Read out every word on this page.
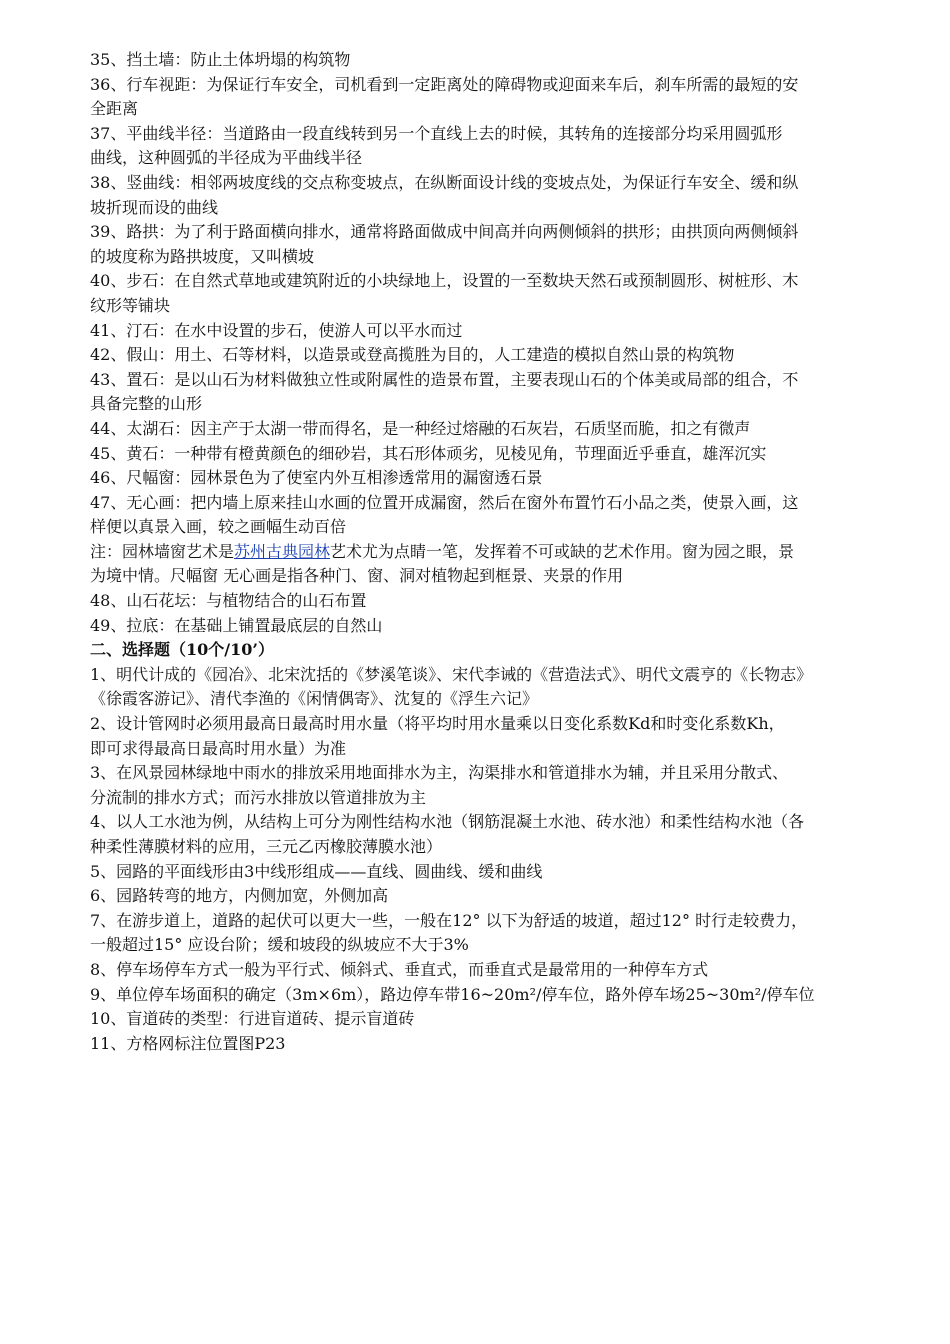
35、挡土墙：防止土体坍塌的构筑物

36、行车视距：为保证行车安全，司机看到一定距离处的障碍物或迎面来车后，刹车所需的最短的安
全距离

37、平曲线半径：当道路由一段直线转到另一个直线上去的时候，其转角的连接部分均采用圆弧形
曲线，这种圆弧的半径成为平曲线半径

38、竖曲线：相邻两坡度线的交点称变坡点，在纵断面设计线的变坡点处，为保证行车安全、缓和纵
坡折现而设的曲线

39、路拱：为了利于路面横向排水，通常将路面做成中间高并向两侧倾斜的拱形；由拱顶向两侧倾斜
的坡度称为路拱坡度，又叫横坡

40、步石：在自然式草地或建筑附近的小块绿地上，设置的一至数块天然石或预制圆形、树桩形、木
纹形等铺块

41、汀石：在水中设置的步石，使游人可以平水而过

42、假山：用土、石等材料，以造景或登高揽胜为目的，人工建造的模拟自然山景的构筑物

43、置石：是以山石为材料做独立性或附属性的造景布置，主要表现山石的个体美或局部的组合，不
具备完整的山形

44、太湖石：因主产于太湖一带而得名，是一种经过熔融的石灰岩，石质坚而脆，扣之有微声

45、黄石：一种带有橙黄颜色的细砂岩，其石形体顽劣，见棱见角，节理面近乎垂直，雄浑沉实

46、尺幅窗：园林景色为了使室内外互相渗透常用的漏窗透石景

47、无心画：把内墙上原来挂山水画的位置开成漏窗，然后在窗外布置竹石小品之类，使景入画，这
样便以真景入画，较之画幅生动百倍

注：园林墙窗艺术是苏州古典园林艺术尤为点睛一笔，发挥着不可或缺的艺术作用。窗为园之眼，景
为境中情。尺幅窗 无心画是指各种门、窗、洞对植物起到框景、夹景的作用

48、山石花坛：与植物结合的山石布置

49、拉底：在基础上铺置最底层的自然山

二、选择题（10个/10’）

1、明代计成的《园冶》、北宋沈括的《梦溪笔谈》、宋代李诫的《营造法式》、明代文震亨的《长物志》
《徐霞客游记》、清代李渔的《闲情偶寄》、沈复的《浮生六记》

2、设计管网时必须用最高日最高时用水量（将平均时用水量乘以日变化系数Kd和时变化系数Kh，
即可求得最高日最高时用水量）为准

3、在风景园林绿地中雨水的排放采用地面排水为主，沟渠排水和管道排水为辅，并且采用分散式、
分流制的排水方式；而污水排放以管道排放为主

4、以人工水池为例，从结构上可分为刚性结构水池（钢筋混凝土水池、砖水池）和柔性结构水池（各
种柔性薄膜材料的应用，三元乙丙橡胶薄膜水池）

5、园路的平面线形由3中线形组成——直线、圆曲线、缓和曲线

6、园路转弯的地方，内侧加宽，外侧加高

7、在游步道上，道路的起伏可以更大一些，一般在12° 以下为舒适的坡道，超过12° 时行走较费力，
一般超过15° 应设台阶；缓和坡段的纵坡应不大于3%

8、停车场停车方式一般为平行式、倾斜式、垂直式，而垂直式是最常用的一种停车方式

9、单位停车场面积的确定（3m×6m），路边停车带16~20m²/停车位，路外停车场25~30m²/停车位

10、盲道砖的类型：行进盲道砖、提示盲道砖

11、方格网标注位置图P23
